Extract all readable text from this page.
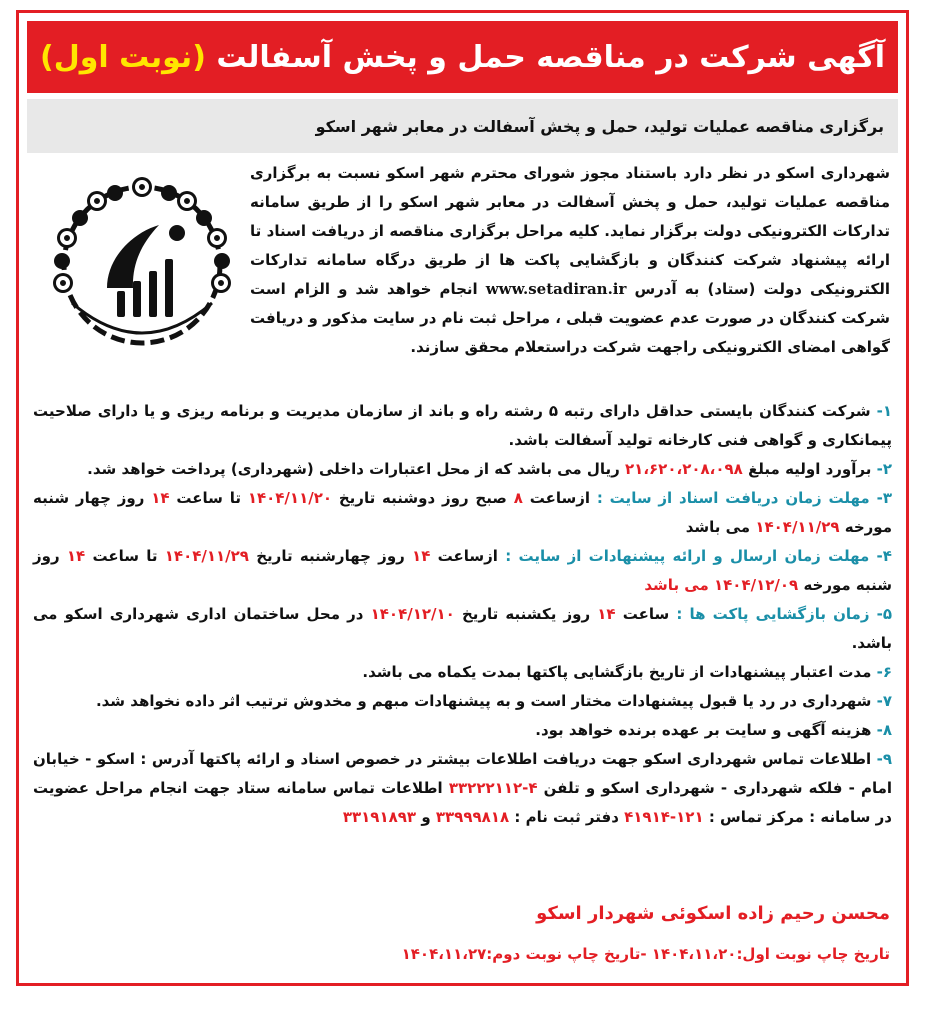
آگهی شرکت در مناقصه حمل و پخش آسفالت (نوبت اول)
برگزاری مناقصه عملیات تولید، حمل و پخش آسفالت در معابر شهر اسکو
شهرداری اسکو در نظر دارد باستناد مجوز شورای محترم شهر اسکو نسبت به برگزاری مناقصه عملیات تولید، حمل و پخش آسفالت در معابر شهر اسکو را از طریق سامانه تدارکات الکترونیکی دولت برگزار نماید. کلیه مراحل برگزاری مناقصه از دریافت اسناد تا ارائه پیشنهاد شرکت کنندگان و بازگشایی پاکت ها از طریق درگاه سامانه تدارکات الکترونیکی دولت (ستاد) به آدرس www.setadiran.ir انجام خواهد شد و الزام است شرکت کنندگان در صورت عدم عضویت قبلی ، مراحل ثبت نام در سایت مذکور و دریافت گواهی امضای الکترونیکی راجهت شرکت دراستعلام محقق سازند.

۱- شرکت کنندگان بایستی حداقل دارای رتبه ۵ رشته راه و باند از سازمان مدیریت و برنامه ریزی و یا دارای صلاحیت پیمانکاری و گواهی فنی کارخانه تولید آسفالت باشد.

۲- برآورد اولیه مبلغ ۲۱،۶۲۰،۲۰۸،۰۹۸ ریال می باشد که از محل اعتبارات داخلی (شهرداری) پرداخت خواهد شد.

۳- مهلت زمان دریافت اسناد از سایت : ازساعت ۸ صبح روز دوشنبه تاریخ ۱۴۰۴/۱۱/۲۰ تا ساعت ۱۴ روز چهار شنبه مورخه ۱۴۰۴/۱۱/۲۹ می باشد

۴- مهلت زمان ارسال و ارائه پیشنهادات از سایت : ازساعت ۱۴ روز چهارشنبه تاریخ ۱۴۰۴/۱۱/۲۹ تا ساعت ۱۴ روز شنبه مورخه ۱۴۰۴/۱۲/۰۹ می باشد

۵- زمان بازگشایی پاکت ها : ساعت ۱۴ روز یکشنبه تاریخ ۱۴۰۴/۱۲/۱۰ در محل ساختمان اداری شهرداری اسکو می باشد.

۶- مدت اعتبار پیشنهادات از تاریخ بازگشایی پاکتها بمدت یکماه می باشد.

۷- شهرداری در رد یا قبول پیشنهادات مختار است و به پیشنهادات مبهم و مخدوش ترتیب اثر داده نخواهد شد.

۸- هزینه آگهی و سایت بر عهده برنده خواهد بود.

۹- اطلاعات تماس شهرداری اسکو جهت دریافت اطلاعات بیشتر در خصوص اسناد و ارائه پاکتها آدرس : اسکو - خیابان امام - فلکه شهرداری - شهرداری اسکو و تلفن ۳۳۲۲۲۱۱۲-۴ اطلاعات تماس سامانه ستاد جهت انجام مراحل عضویت در سامانه : مرکز تماس : ۴۱۹۱۴-۱۲۱ دفتر ثبت نام : ۳۳۹۹۹۸۱۸ و ۳۳۱۹۱۸۹۳

محسن رحیم زاده اسکوئی شهردار اسکو
تاریخ چاپ نوبت اول:۱۴۰۴،۱۱،۲۰ -تاریخ چاپ نوبت دوم:۱۴۰۴،۱۱،۲۷
